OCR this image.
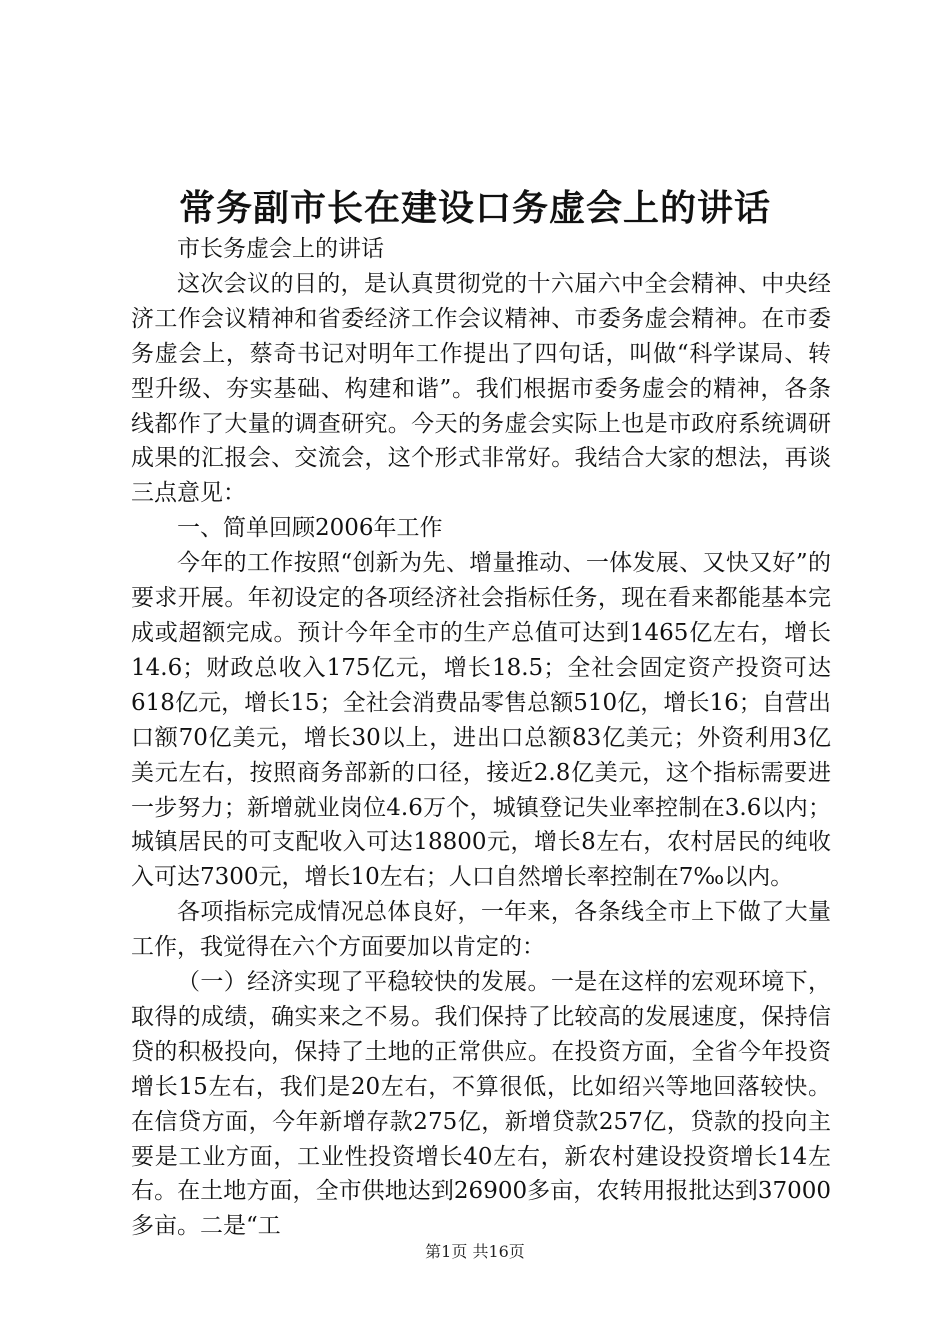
常务副市长在建设口务虚会上的讲话

市长务虚会上的讲话

这次会议的目的，是认真贯彻党的十六届六中全会精神、中央经济工作会议精神和省委经济工作会议精神、市委务虚会精神。在市委务虚会上，蔡奇书记对明年工作提出了四句话，叫做“科学谋局、转型升级、夯实基础、构建和谐”。我们根据市委务虚会的精神，各条线都作了大量的调查研究。今天的务虚会实际上也是市政府系统调研成果的汇报会、交流会，这个形式非常好。我结合大家的想法，再谈三点意见：

一、简单回顾2006年工作

今年的工作按照“创新为先、增量推动、一体发展、又快又好”的要求开展。年初设定的各项经济社会指标任务，现在看来都能基本完成或超额完成。预计今年全市的生产总值可达到1465亿左右，增长14.6；财政总收入175亿元，增长18.5；全社会固定资产投资可达618亿元，增长15；全社会消费品零售总额510亿，增长16；自营出口额70亿美元，增长30以上，进出口总额83亿美元；外资利用3亿美元左右，按照商务部新的口径，接近2.8亿美元，这个指标需要进一步努力；新增就业岗位4.6万个，城镇登记失业率控制在3.6以内；城镇居民的可支配收入可达18800元，增长8左右，农村居民的纯收入可达7300元，增长10左右；人口自然增长率控制在7‰以内。

各项指标完成情况总体良好，一年来，各条线全市上下做了大量工作，我觉得在六个方面要加以肯定的：

（一）经济实现了平稳较快的发展。一是在这样的宏观环境下，取得的成绩，确实来之不易。我们保持了比较高的发展速度，保持信贷的积极投向，保持了土地的正常供应。在投资方面，全省今年投资增长15左右，我们是20左右，不算很低，比如绍兴等地回落较快。在信贷方面，今年新增存款275亿，新增贷款257亿，贷款的投向主要是工业方面，工业性投资增长40左右，新农村建设投资增长14左右。在土地方面，全市供地达到26900多亩，农转用报批达到37000多亩。二是“工

第1页 共16页
